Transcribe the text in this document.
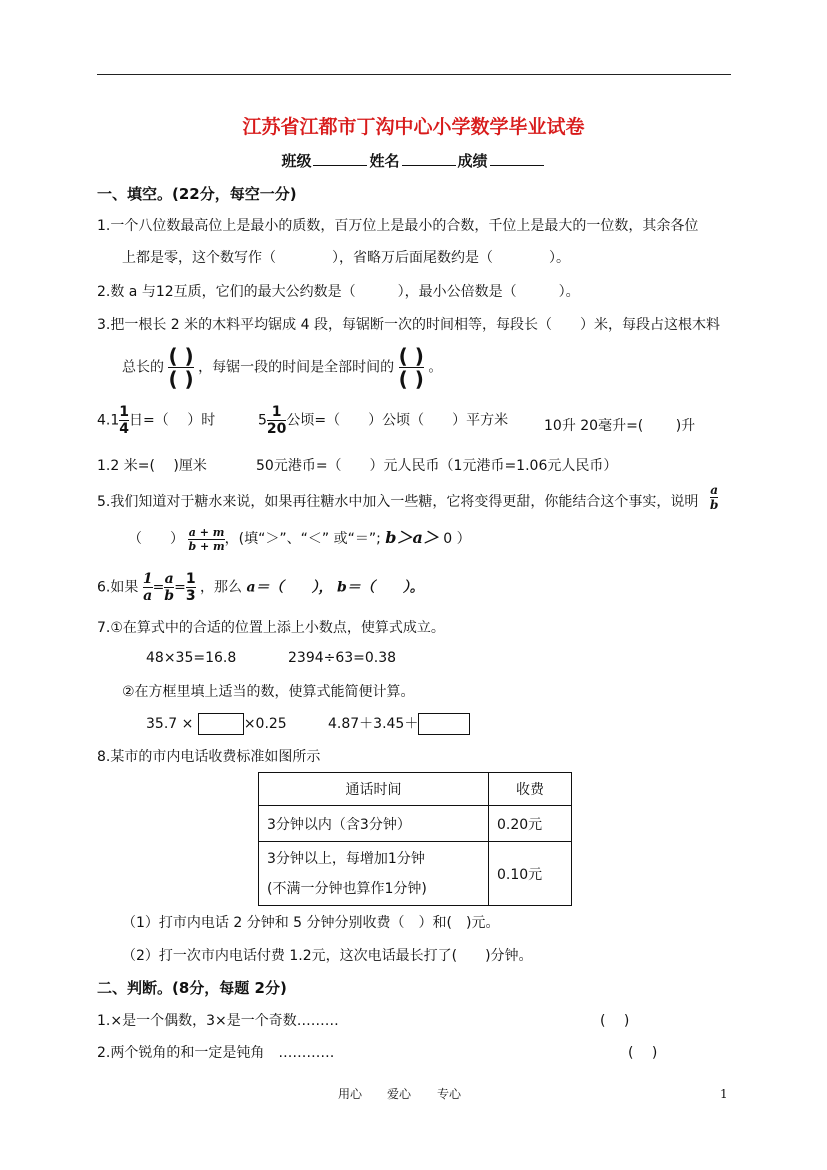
江苏省江都市丁沟中心小学数学毕业试卷
班级	姓名	成绩
一、填空。(22分，每空一分)
1.一个八位数最高位上是最小的质数，百万位上是最小的合数，千位上是最大的一位数，其余各位
上都是零，这个数写作（　　　　），省略万后面尾数约是（　　　　）。
2.数 a 与12互质，它们的最大公约数是（　　　），最小公倍数是（　　　）。
3.把一根长 2 米的木料平均锯成 4 段，每锯断一次的时间相等，每段长（　　）米，每段占这根木料
总长的 $\frac{( )}{( )}$ ，每锯一段的时间是全部时间的 $\frac{( )}{( )}$ 。
$4.1 \frac{1}{4}$ 日=（　 ）时	$5 \frac{1}{20}$ 公顷=（　　）公顷（　　）平方米	10升 20毫升=(　　 )升
1.2 米=(　 )厘米	50元港币=（　　）元人民币（1元港币=1.06元人民币）
5.我们知道对于糖水来说，如果再往糖水中加入一些糖，它将变得更甜，你能结合这个事实，说明 $\frac{a}{b}$
（　　） $\frac{a + m}{b + m}$ ，(填“＞”、“＜” 或“＝”; b＞a＞ 0 ）
6.如果 $\frac{1}{a} = \frac{a}{b} = \frac{1}{3}$ ，那么 a＝（　　）， b＝（　　）。
7.①在算式中的合适的位置上添上小数点，使算式成立。
48×35=16.8	2394÷63=0.38
②在方框里填上适当的数，使算式能简便计算。
35.7 ×	×0.25	4.87＋3.45＋
8.某市的市内电话收费标准如图所示
通话时间	收费
3分钟以内（含3分钟）	0.20元

3分钟以上，每增加1分钟
(不满一分钟也算作1分钟)	0.10元
（1）打市内电话 2 分钟和 5 分钟分别收费（　）和(　)元。
（2）打一次市内电话付费 1.2元，这次电话最长打了(　　)分钟。
二、判断。(8分，每题 2分)
1.×是一个偶数，3×是一个奇数………	(　 )
2.两个锐角的和一定是钝角　…………	(　 )
用心 爱心 专心	1
